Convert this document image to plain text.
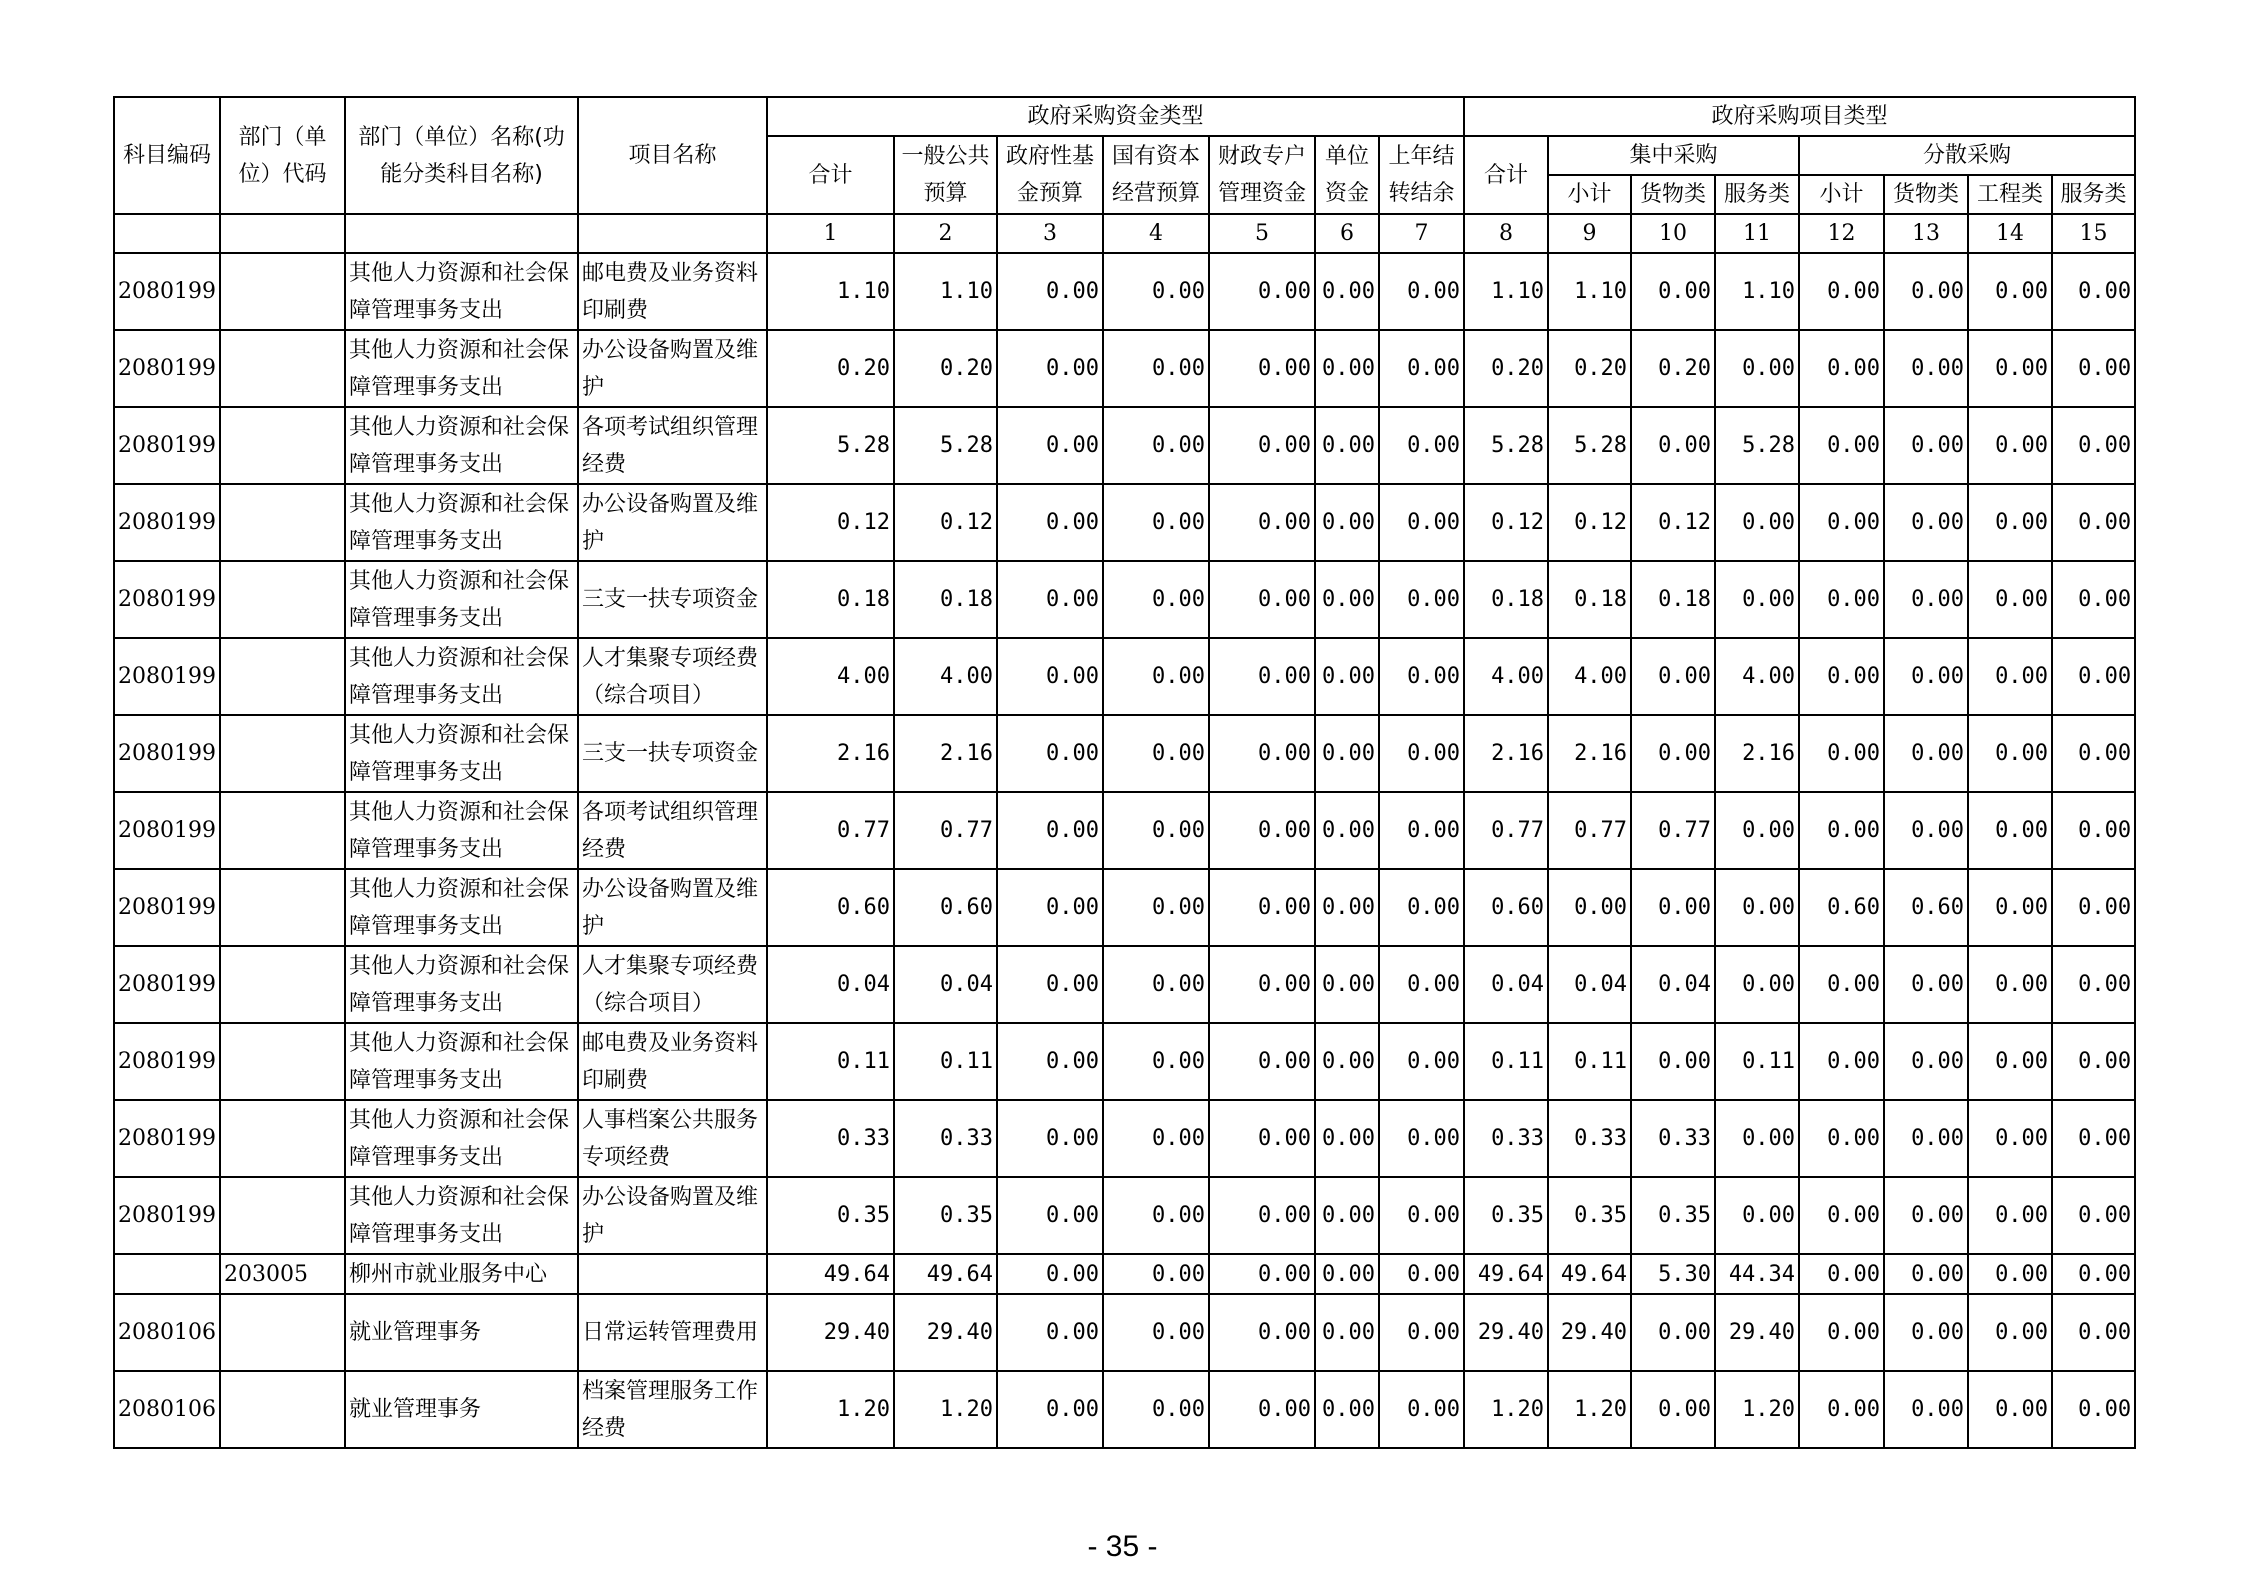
科目编码	部门（单位）代码	部门（单位）名称(功能分类科目名称)	项目名称	政府采购资金类型							政府采购项目类型							
				合计	一般公共预算	政府性基金预算	国有资本经营预算	财政专户管理资金	单位资金	上年结转结余	合计	集中采购			分散采购			
												小计	货物类	服务类	小计	货物类	工程类	服务类
				1	2	3	4	5	6	7	8	9	10	11	12	13	14	15
2080199		其他人力资源和社会保障管理事务支出	邮电费及业务资料印刷费	1.10	1.10	0.00	0.00	0.00	0.00	0.00	1.10	1.10	0.00	1.10	0.00	0.00	0.00	0.00
2080199		其他人力资源和社会保障管理事务支出	办公设备购置及维护	0.20	0.20	0.00	0.00	0.00	0.00	0.00	0.20	0.20	0.20	0.00	0.00	0.00	0.00	0.00
2080199		其他人力资源和社会保障管理事务支出	各项考试组织管理经费	5.28	5.28	0.00	0.00	0.00	0.00	0.00	5.28	5.28	0.00	5.28	0.00	0.00	0.00	0.00
2080199		其他人力资源和社会保障管理事务支出	办公设备购置及维护	0.12	0.12	0.00	0.00	0.00	0.00	0.00	0.12	0.12	0.12	0.00	0.00	0.00	0.00	0.00
2080199		其他人力资源和社会保障管理事务支出	三支一扶专项资金	0.18	0.18	0.00	0.00	0.00	0.00	0.00	0.18	0.18	0.18	0.00	0.00	0.00	0.00	0.00
2080199		其他人力资源和社会保障管理事务支出	人才集聚专项经费（综合项目）	4.00	4.00	0.00	0.00	0.00	0.00	0.00	4.00	4.00	0.00	4.00	0.00	0.00	0.00	0.00
2080199		其他人力资源和社会保障管理事务支出	三支一扶专项资金	2.16	2.16	0.00	0.00	0.00	0.00	0.00	2.16	2.16	0.00	2.16	0.00	0.00	0.00	0.00
2080199		其他人力资源和社会保障管理事务支出	各项考试组织管理经费	0.77	0.77	0.00	0.00	0.00	0.00	0.00	0.77	0.77	0.77	0.00	0.00	0.00	0.00	0.00
2080199		其他人力资源和社会保障管理事务支出	办公设备购置及维护	0.60	0.60	0.00	0.00	0.00	0.00	0.00	0.60	0.00	0.00	0.00	0.60	0.60	0.00	0.00
2080199		其他人力资源和社会保障管理事务支出	人才集聚专项经费（综合项目）	0.04	0.04	0.00	0.00	0.00	0.00	0.00	0.04	0.04	0.04	0.00	0.00	0.00	0.00	0.00
2080199		其他人力资源和社会保障管理事务支出	邮电费及业务资料印刷费	0.11	0.11	0.00	0.00	0.00	0.00	0.00	0.11	0.11	0.00	0.11	0.00	0.00	0.00	0.00
2080199		其他人力资源和社会保障管理事务支出	人事档案公共服务专项经费	0.33	0.33	0.00	0.00	0.00	0.00	0.00	0.33	0.33	0.33	0.00	0.00	0.00	0.00	0.00
2080199		其他人力资源和社会保障管理事务支出	办公设备购置及维护	0.35	0.35	0.00	0.00	0.00	0.00	0.00	0.35	0.35	0.35	0.00	0.00	0.00	0.00	0.00
	203005	柳州市就业服务中心		49.64	49.64	0.00	0.00	0.00	0.00	0.00	49.64	49.64	5.30	44.34	0.00	0.00	0.00	0.00
2080106		就业管理事务	日常运转管理费用	29.40	29.40	0.00	0.00	0.00	0.00	0.00	29.40	29.40	0.00	29.40	0.00	0.00	0.00	0.00
2080106		就业管理事务	档案管理服务工作经费	1.20	1.20	0.00	0.00	0.00	0.00	0.00	1.20	1.20	0.00	1.20	0.00	0.00	0.00	0.00
- 35 -
